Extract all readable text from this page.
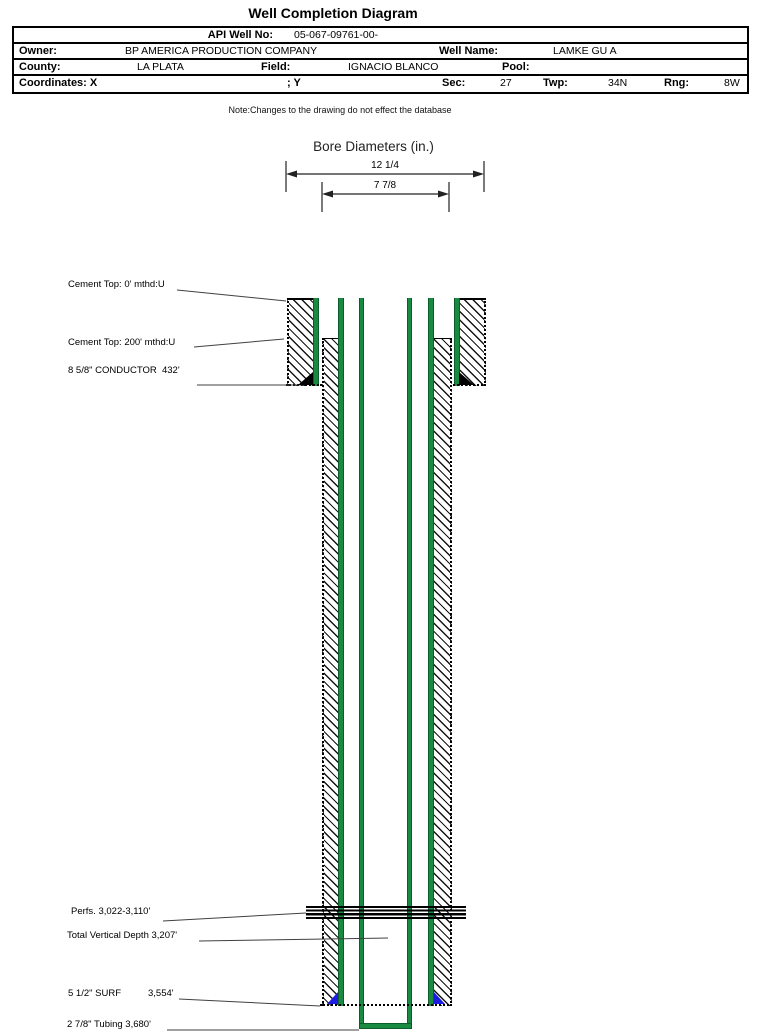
Well Completion Diagram
API Well No: 05-067-09761-00-
Owner:	BP AMERICA PRODUCTION COMPANY	Well Name:	LAMKE GU A
County:	LA PLATA	Field:	IGNACIO BLANCO	Pool:
Coordinates: X	; Y	Sec:	27	Twp:	34N	Rng:	8W
Note:Changes to the drawing do not effect the database
Bore Diameters (in.)
12 1/4
7 7/8
Cement Top: 0' mthd:U
Cement Top: 200' mthd:U
8 5/8" CONDUCTOR  432'
Perfs. 3,022-3,110'
Total Vertical Depth 3,207'
5 1/2" SURF	3,554'
2 7/8" Tubing 3,680'
